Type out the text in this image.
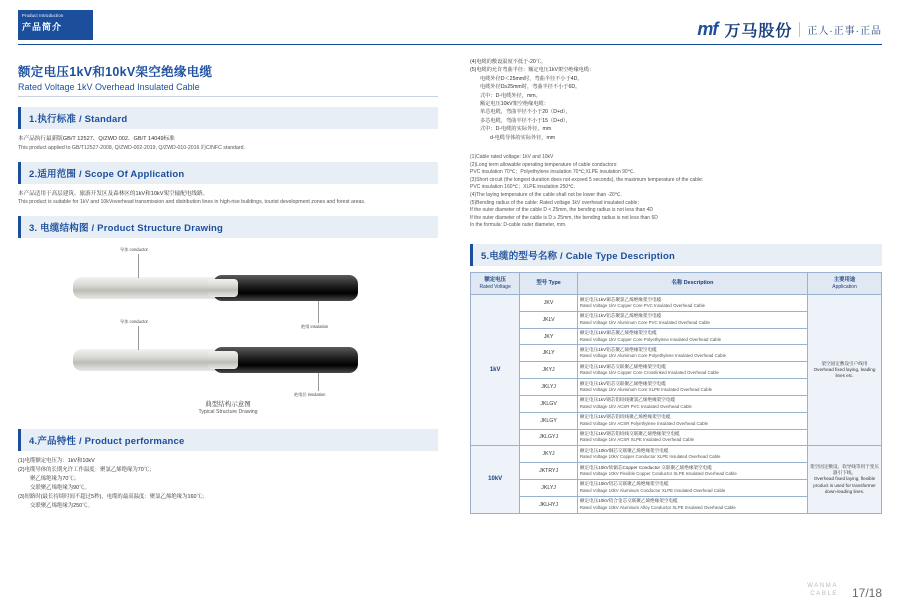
Product Introduction
产品简介	mf 万马股份 正人·正事·正品
额定电压1kV和10kV架空绝缘电缆
Rated Voltage 1kV Overhead Insulated Cable
1.执行标准 / Standard
本产品执行最新版GB/T 12527、Q/ZWD 002、GB/T 14049标准
This product applied to GB/T12527-2008, Q/ZWD-002-2019, Q/ZWD-010-2016 的C/NFC standard.
2.适用范围 / Scope Of Application
本产品适用于高层建筑、旅游开发区及森林区的1kV和10kV架空输配电线路。
This product is suitable for 1kV and 10kVoverhead transmission and distribution lines in high-rise buildings, tourist development zones and forest areas.
3. 电缆结构图 / Product Structure Drawing
导体 conductor
绝缘 insulation
导体 conductor
绝缘层 insulation
典型结构示意图
Typical Structure Drawing
4.产品特性 / Product performance
(1)电缆额定电压为：1kV和10kV
(2)电缆导体的长期允许工作温度：聚氯乙烯绝缘为70℃；
聚乙烯绝缘为70℃；
交联聚乙烯绝缘为90℃。
(3)短路时(最长持续时间不超过5秒)，电缆的最高温度：聚氯乙烯绝缘为160℃；
交联聚乙烯绝缘为250℃。
(4)电缆的敷设温度不低于-20℃。
(5)电缆的允许弯曲半径：额定电压1kV架空绝缘电缆：
电缆外径D＜25mm时，弯曲半径不小于4D。
电缆外径D≥25mm时，弯曲半径不小于6D。
式中：D-电缆外径，mm。
额定电压10kV架空绝缘电缆：
单芯电缆，弯曲半径不小于20（D+d），
多芯电缆，弯曲半径不小于15（D+d），
式中：D-电缆的实际外径，mm
d-电缆导体的实际外径，mm
(1)Cable rated voltage: 1kV and 10kV
(2)Long term allowable operating temperature of cable conductors:
PVC insulation 70℃；Polyethylene insulation 70℃;XLPE insulation 90℃.
(3)Short circuit (the longest duration does not exceed 5 seconds), the maximum temperature of the cable:
PVC insulation 160℃；XLPE insulation 250℃.
(4)The laying temperature of the cable shall not be lower than -20℃.
(5)Bending radius of the cable: Rated voltage 1kV overhead insulated cable：
If the outer diameter of the cable D < 25mm, the bending radius is not less than 4D
If the outer diameter of the cable is D ≥ 25mm, the bending radius is not less than 6D
In the formula: D-cable outer diameter, mm.
5.电缆的型号名称 / Cable Type Description
额定电压
Rated Voltage	型号 Type	名称 Description	主要用途
Application

1kV	JKV	额定电压1kV铜芯聚氯乙烯绝缘架空电缆
Rated Voltage 1kV Copper Core PVC Insulated Overhead Cable	架空固定敷设引户线用
Overhead fixed laying, leading lines etc.
	JKLV	额定电压1kV铝芯聚氯乙烯绝缘架空电缆
Rated Voltage 1kV Aluminum Core PVC Insulated Overhead Cable	

	JKY	额定电压1kV铜芯聚乙烯绝缘架空电缆
Rated Voltage 1kV Copper Core Polyethylene Insulated Overhead Cable	

	JKLY	额定电压1kV铝芯聚乙烯绝缘架空电缆
Rated Voltage 1kV Aluminum Core Polyethylene Insulated Overhead Cable	

	JKYJ	额定电压1kV铜芯交联聚乙烯绝缘架空电缆
Rated Voltage 1kV Copper Core Crosslinked Insulated Overhead Cable	

	JKLYJ	额定电压1kV铝芯交联聚乙烯绝缘架空电缆
Rated Voltage 1kV Aluminum Core XLPE Insulated Overhead Cable	

	JKLGV	额定电压1kV钢芯铝绞线聚氯乙烯绝缘架空电缆
Rated Voltage 1kV ACSR PVC Insulated Overhead Cable	

	JKLGY	额定电压1kV钢芯铝绞线聚乙烯绝缘架空电缆
Rated Voltage 1kV ACSR Polyethylene Insulated Overhead Cable	

	JKLGYJ	额定电压1kV钢芯铝绞线交联聚乙烯绝缘架空电缆
Rated Voltage 1kV ACSR XLPE Insulated Overhead Cable	

10kV	JKYJ	额定电压10kV铜芯交联聚乙烯绝缘架空电缆
Rated Voltage 10kV Copper Conductor XLPE Insulated Overhead Cable	架空固定敷设、软导线等用于变压器引下线。
Overhead fixed laying, flexible product is used for transformer down-leading lines.
	JKTRYJ	额定电压10kV软铜芯Copper Conductor 交联聚乙烯绝缘架空电缆
Rated Voltage 10kV Flexible Copper Conductor XLPE Insulated Overhead Cable	

	JKLYJ	额定电压10kV铝芯交联聚乙烯绝缘架空电缆
Rated Voltage 10kV Aluminum Conductor XLPE Insulated Overhead Cable	

	JKLHYJ	额定电压10kV铝合金芯交联聚乙烯绝缘架空电缆
Rated Voltage 10kV Aluminum Alloy Conductor XLPE Insulated Overhead Cable	
WANMA
CABLE 17/18
